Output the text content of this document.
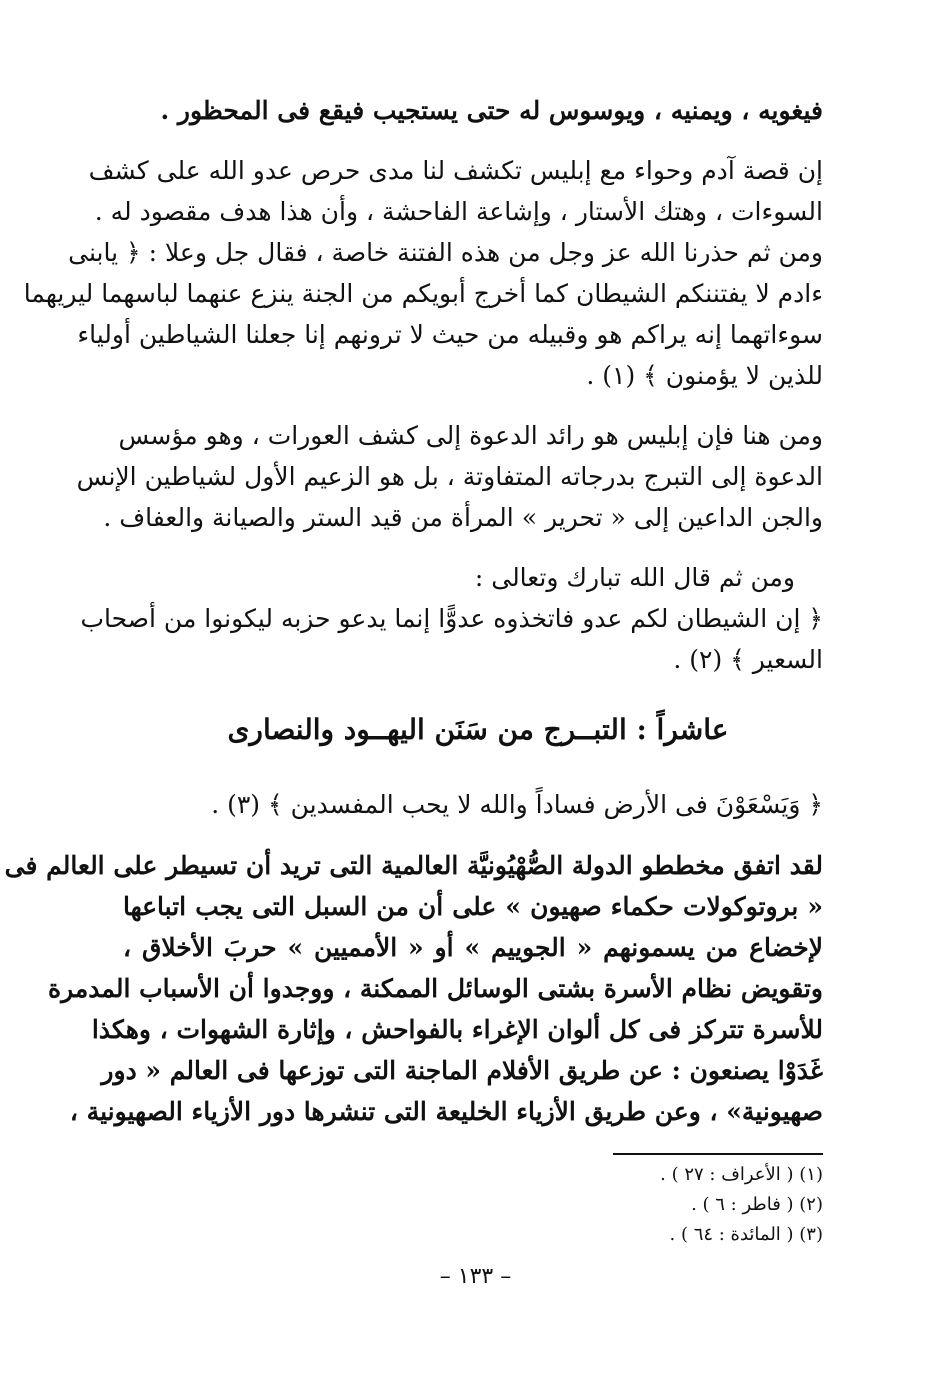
فيغويه ، ويمنيه ، ويوسوس له حتى يستجيب فيقع فى المحظور .
إن قصة آدم وحواء مع إبليس تكشف لنا مدى حرص عدو الله على كشف
السوءات ، وهتك الأستار ، وإشاعة الفاحشة ، وأن هذا هدف مقصود له .
ومن ثم حذرنا الله عز وجل من هذه الفتنة خاصة ، فقال جل وعلا : ﴿ يابنى
ءادم لا يفتننكم الشيطان كما أخرج أبويكم من الجنة ينزع عنهما لباسهما ليريهما
سوءاتهما إنه يراكم هو وقبيله من حيث لا ترونهم إنا جعلنا الشياطين أولياء
للذين لا يؤمنون ﴾ (١) .
ومن هنا فإن إبليس هو رائد الدعوة إلى كشف العورات ، وهو مؤسس
الدعوة إلى التبرج بدرجاته المتفاوتة ، بل هو الزعيم الأول لشياطين الإنس
والجن الداعين إلى « تحرير » المرأة من قيد الستر والصيانة والعفاف .
ومن ثم قال الله تبارك وتعالى :
﴿ إن الشيطان لكم عدو فاتخذوه عدوًّا إنما يدعو حزبه ليكونوا من أصحاب
السعير ﴾ (٢) .
عاشراً : التبــرج من سَنَن اليهــود والنصارى
﴿ وَيَسْعَوْنَ فى الأرض فساداً والله لا يحب المفسدين ﴾ (٣) .
لقد اتفق مخططو الدولة الصُّهْيُونيَّة العالمية التى تريد أن تسيطر على العالم فى
« بروتوكولات حكماء صهيون » على أن من السبل التى يجب اتباعها
لإخضاع من يسمونهم « الجوييم » أو « الأمميين » حربَ الأخلاق ،
وتقويض نظام الأسرة بشتى الوسائل الممكنة ، ووجدوا أن الأسباب المدمرة
للأسرة تتركز فى كل ألوان الإغراء بالفواحش ، وإثارة الشهوات ، وهكذا
غَدَوْا يصنعون : عن طريق الأفلام الماجنة التى توزعها فى العالم « دور
صهيونية» ، وعن طريق الأزياء الخليعة التى تنشرها دور الأزياء الصهيونية ،
(١) ( الأعراف : ٢٧ ) .
(٢) ( فاطر : ٦ ) .
(٣) ( المائدة : ٦٤ ) .
– ١٣٣ –
